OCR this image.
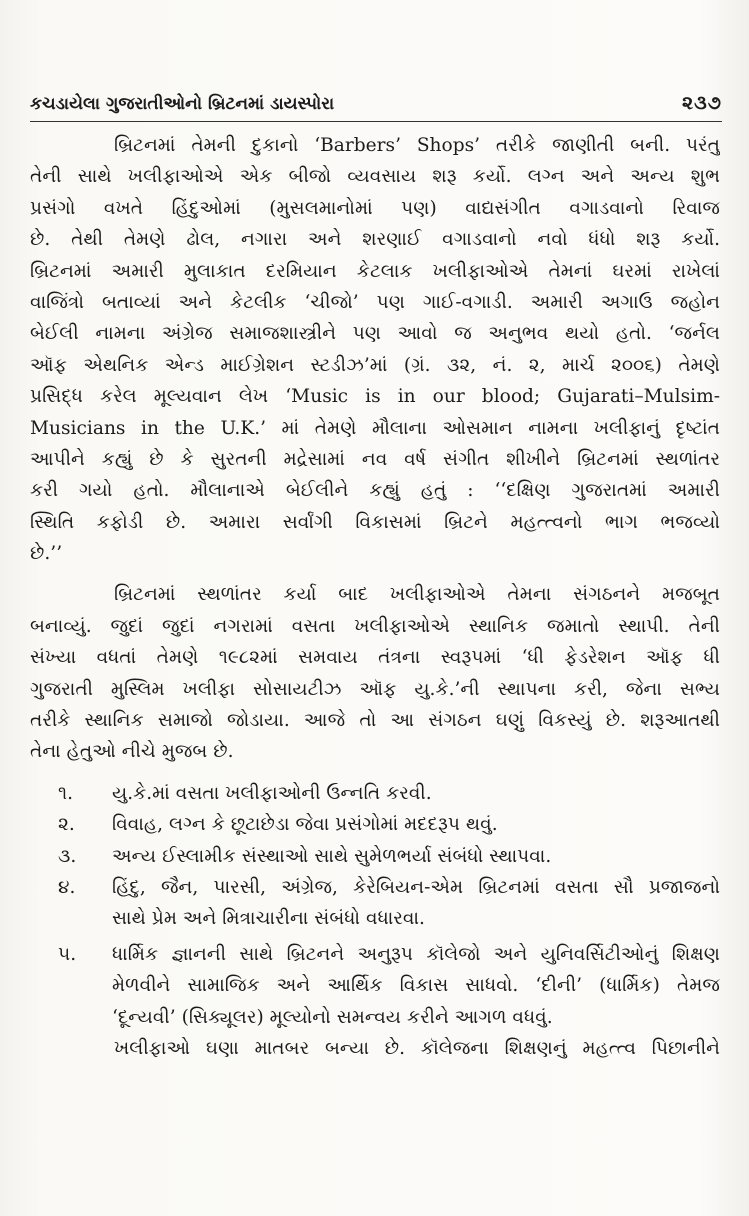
કચડાયેલા ગુજરાતીઓનો બ્રિટનમાં ડાયસ્પોરા	૨૩૭
બ્રિટનમાં તેમની દુકાનો ‘Barbers’ Shops’ તરીકે જાણીતી બની. પરંતુ
તેની સાથે ખલીફાઓએ એક બીજો વ્યવસાય શરૂ કર્યો. લગ્ન અને અન્ય શુભ
પ્રસંગો વખતે હિંદુઓમાં (મુસલમાનોમાં પણ) વાદ્યસંગીત વગાડવાનો રિવાજ
છે. તેથી તેમણે ઢોલ, નગારા અને શરણાઈ વગાડવાનો નવો ધંધો શરૂ કર્યો.
બ્રિટનમાં અમારી મુલાકાત દરમિયાન કેટલાક ખલીફાઓએ તેમનાં ઘરમાં રાખેલાં
વાજિંત્રો બતાવ્યાં અને કેટલીક ‘ચીજો’ પણ ગાઈ-વગાડી. અમારી અગાઉ જહોન
બેઈલી નામના અંગ્રેજ સમાજશાસ્ત્રીને પણ આવો જ અનુભવ થયો હતો. ‘જર્નલ
ઑફ એથનિક એન્ડ માઈગ્રેશન સ્ટડીઝ’માં (ગ્રં. ૩૨, નં. ૨, માર્ચ ૨૦૦૬) તેમણે
પ્રસિદ્ધ કરેલ મૂલ્યવાન લેખ ‘Music is in our blood; Gujarati–Mulsim-
Musicians in the U.K.’ માં તેમણે મૌલાના ઓસમાન નામના ખલીફાનું દૃષ્ટાંત
આપીને કહ્યું છે કે સુરતની મદ્રેસામાં નવ વર્ષ સંગીત શીખીને બ્રિટનમાં સ્થળાંતર
કરી ગયો હતો. મૌલાનાએ બેઈલીને કહ્યું હતું : ‘‘દક્ષિણ ગુજરાતમાં અમારી
સ્થિતિ કફોડી છે. અમારા સર્વાંગી વિકાસમાં બ્રિટને મહત્ત્વનો ભાગ ભજવ્યો
છે.’’
બ્રિટનમાં સ્થળાંતર કર્યા બાદ ખલીફાઓએ તેમના સંગઠનને મજબૂત
બનાવ્યું. જુદાં જુદાં નગરામાં વસતા ખલીફાઓએ સ્થાનિક જમાતો સ્થાપી. તેની
સંખ્યા વધતાં તેમણે ૧૯૮૨માં સમવાય તંત્રના સ્વરૂપમાં ‘ધી ફેડરેશન ઑફ ધી
ગુજરાતી મુસ્લિમ ખલીફા સોસાયટીઝ ઑફ યુ.કે.’ની સ્થાપના કરી, જેના સભ્ય
તરીકે સ્થાનિક સમાજો જોડાયા. આજે તો આ સંગઠન ઘણું વિકસ્યું છે. શરૂઆતથી
તેના હેતુઓ નીચે મુજબ છે.
૧.	યુ.કે.માં વસતા ખલીફાઓની ઉન્નતિ કરવી.
૨.	વિવાહ, લગ્ન કે છૂટાછેડા જેવા પ્રસંગોમાં મદદરૂપ થવું.
૩.	અન્ય ઈસ્લામીક સંસ્થાઓ સાથે સુમેળભર્યા સંબંધો સ્થાપવા.
૪.	હિંદુ, જૈન, પારસી, અંગ્રેજ, કેરેબિયન-એમ બ્રિટનમાં વસતા સૌ પ્રજાજનો
સાથે પ્રેમ અને મિત્રાચારીના સંબંધો વધારવા.
૫.	ધાર્મિક જ્ઞાનની સાથે બ્રિટનને અનુરૂપ કૉલેજો અને યુનિવર્સિટીઓનું શિક્ષણ
મેળવીને સામાજિક અને આર્થિક વિકાસ સાધવો. ‘દીની’ (ધાર્મિક) તેમજ
‘દૂન્યવી’ (સિક્યૂલર) મૂલ્યોનો સમન્વય કરીને આગળ વધવું.
ખલીફાઓ ઘણા માતબર બન્યા છે. કૉલેજના શિક્ષણનું મહત્ત્વ પિછાનીને
